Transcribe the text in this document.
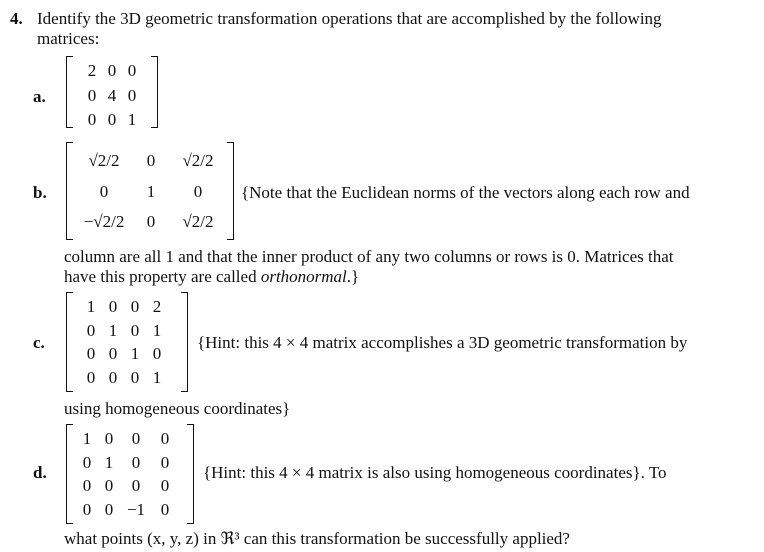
4. Identify the 3D geometric transformation operations that are accomplished by the following
matrices:
a.
2 0 0
0 4 0
0 0 1
b.
√2/2	0	√2/2
0	1	0
−√2/2	0	√2/2
{Note that the Euclidean norms of the vectors along each row and
column are all 1 and that the inner product of any two columns or rows is 0. Matrices that
have this property are called orthonormal.}
c.
1 0 0 2
0 1 0 1
0 0 1 0
0 0 0 1
{Hint: this 4 × 4 matrix accomplishes a 3D geometric transformation by
using homogeneous coordinates}
d.
1 0	0	0
0 1	0	0
0 0	0	0
0 0 −1 0
{Hint: this 4 × 4 matrix is also using homogeneous coordinates}. To
what points (x, y, z) in ℜ³ can this transformation be successfully applied?
